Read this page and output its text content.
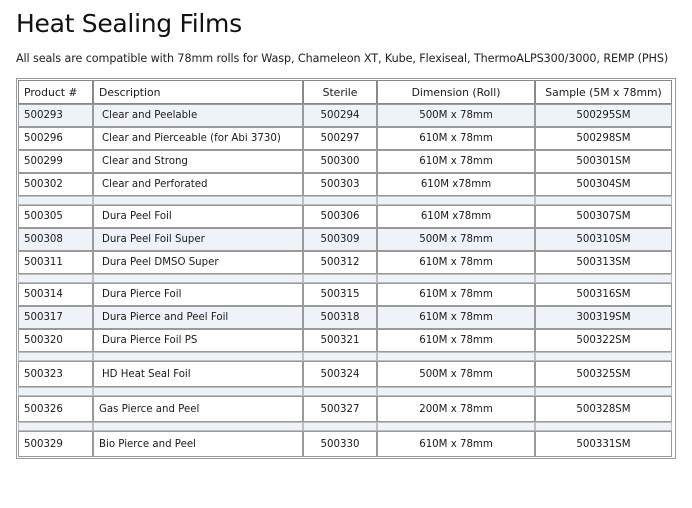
Heat Sealing Films
All seals are compatible with 78mm rolls for Wasp, Chameleon XT, Kube, Flexiseal, ThermoALPS300/3000, REMP (PHS)
Product #	Description	Sterile	Dimension (Roll)	Sample (5M x 78mm)
500293	Clear and Peelable	500294	500M x 78mm	500295SM
500296	Clear and Pierceable (for Abi 3730)	500297	610M x 78mm	500298SM
500299	Clear and Strong	500300	610M x 78mm	500301SM
500302	Clear and Perforated	500303	610M x78mm	500304SM

500305	Dura Peel Foil	500306	610M x78mm	500307SM
500308	Dura Peel Foil Super	500309	500M x 78mm	500310SM
500311	Dura Peel DMSO Super	500312	610M x 78mm	500313SM

500314	Dura Pierce Foil	500315	610M x 78mm	500316SM
500317	Dura Pierce and Peel Foil	500318	610M x 78mm	300319SM
500320	Dura Pierce Foil PS	500321	610M x 78mm	500322SM

500323	HD Heat Seal Foil	500324	500M x 78mm	500325SM

500326	Gas Pierce and Peel	500327	200M x 78mm	500328SM

500329	Bio Pierce and Peel	500330	610M x 78mm	500331SM
